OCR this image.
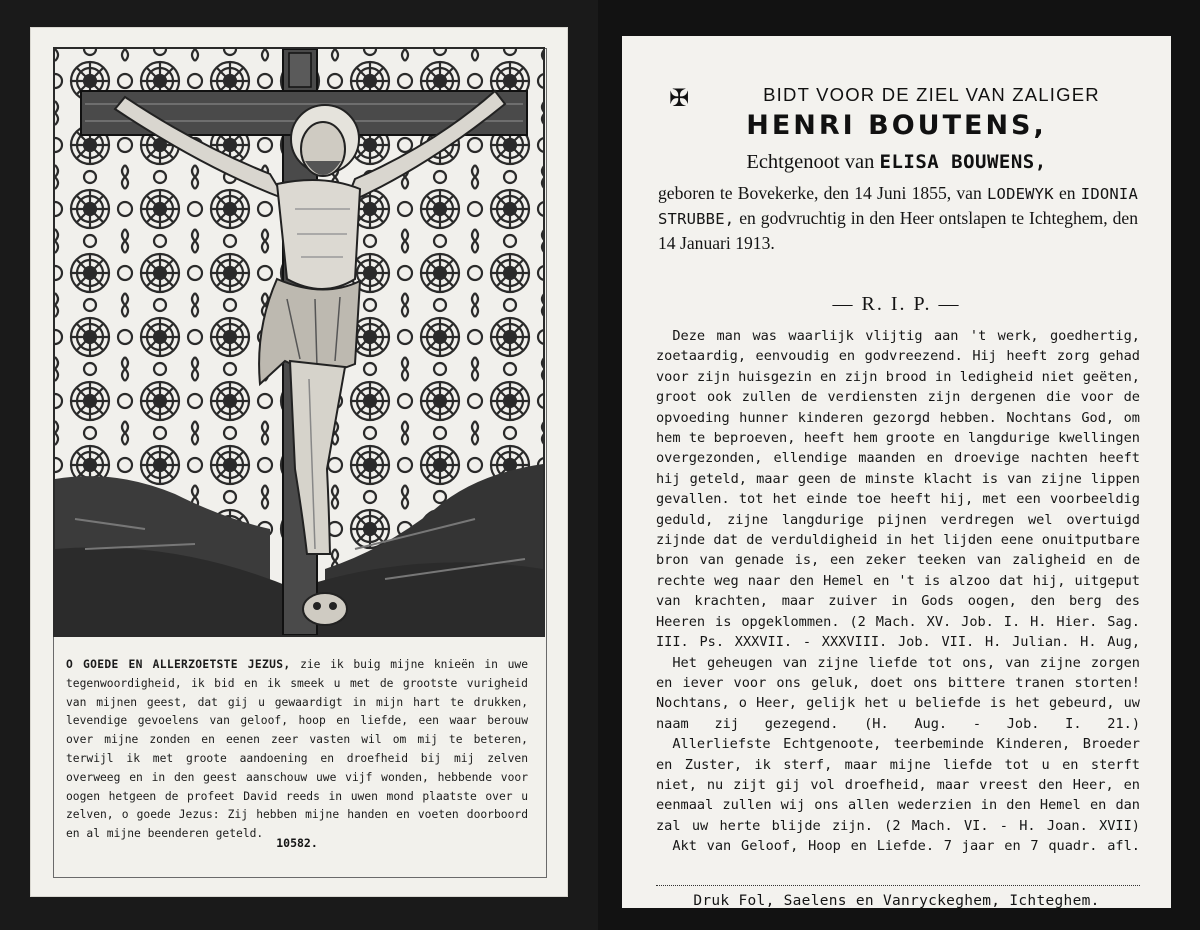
O GOEDE EN ALLERZOETSTE JEZUS, zie ik buig mijne knieën in uwe tegenwoordigheid, ik bid en ik smeek u met de grootste vurigheid van mijnen geest, dat gij u gewaardigt in mijn hart te drukken, levendige gevoelens van geloof, hoop en liefde, een waar berouw over mijne zonden en eenen zeer vasten wil om mij te beteren, terwijl ik met groote aandoening en droefheid bij mij zelven overweeg en in den geest aanschouw uwe vijf wonden, hebbende voor oogen hetgeen de profeet David reeds in uwen mond plaatste over u zelven, o goede Jezus: Zij hebben mijne handen en voeten doorboord en al mijne beenderen geteld.
10582.
✠	BIDT VOOR DE ZIEL VAN ZALIGER
HENRI BOUTENS,
Echtgenoot van ELISA BOUWENS,
geboren te Bovekerke, den 14 Juni 1855, van LODEWYK en IDONIA STRUBBE, en godvruchtig in den Heer ontslapen te Ichteghem, den 14 Januari 1913.
— R. I. P. —

Deze man was waarlijk vlijtig aan 't werk, goedhertig, zoetaardig, eenvoudig en godvreezend. Hij heeft zorg gehad voor zijn huisgezin en zijn brood in ledigheid niet geëten, groot ook zullen de verdiensten zijn dergenen die voor de opvoeding hunner kinderen gezorgd hebben. Nochtans God, om hem te beproeven, heeft hem groote en langdurige kwellingen overgezonden, ellendige maanden en droevige nachten heeft hij geteld, maar geen de minste klacht is van zijne lippen gevallen. tot het einde toe heeft hij, met een voorbeeldig geduld, zijne langdurige pijnen verdregen wel overtuigd zijnde dat de verduldigheid in het lijden eene onuitputbare bron van genade is, een zeker teeken van zaligheid en de rechte weg naar den Hemel en 't is alzoo dat hij, uitgeput van krachten, maar zuiver in Gods oogen, den berg des Heeren is opgeklommen. (2 Mach. XV. Job. I. H. Hier. Sag. III. Ps. XXXVII. - XXXVIII. Job. VII. H. Julian. H. Aug,

Het geheugen van zijne liefde tot ons, van zijne zorgen en iever voor ons geluk, doet ons bittere tranen storten! Nochtans, o Heer, gelijk het u beliefde is het gebeurd, uw naam zij gezegend. (H. Aug. - Job. I. 21.)

Allerliefste Echtgenoote, teerbeminde Kinderen, Broeder en Zuster, ik sterf, maar mijne liefde tot u en sterft niet, nu zijt gij vol droefheid, maar vreest den Heer, en eenmaal zullen wij ons allen wederzien in den Hemel en dan zal uw herte blijde zijn. (2 Mach. VI. - H. Joan. XVII)

Akt van Geloof, Hoop en Liefde. 7 jaar en 7 quadr. afl.

Druk Fol, Saelens en Vanryckeghem, Ichteghem.
